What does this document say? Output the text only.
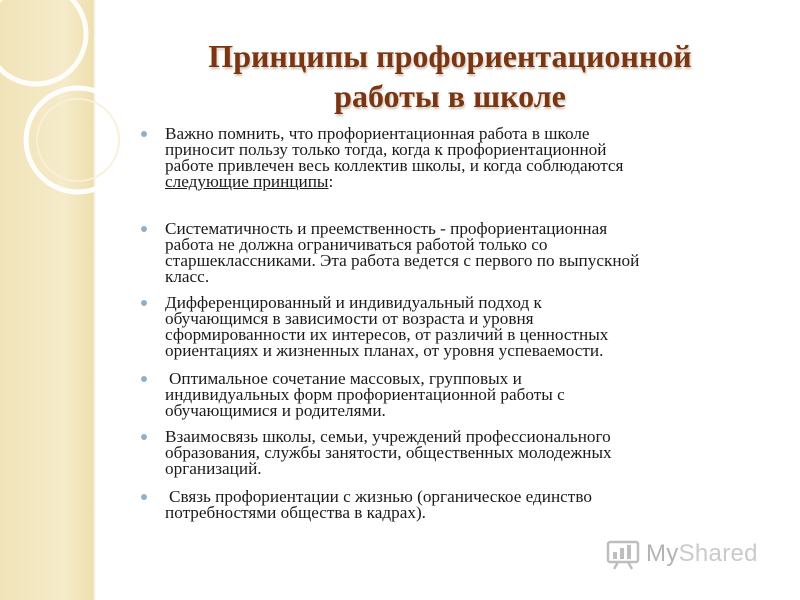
Принципы профориентационной
работы в школе
Важно помнить, что профориентационная работа в школе
приносит пользу только тогда, когда к профориентационной
работе привлечен весь коллектив школы, и когда соблюдаются
следующие принципы:
Систематичность и преемственность - профориентационная
работа не должна ограничиваться работой только со
старшеклассниками. Эта работа ведется с первого по выпускной
класс.
Дифференцированный и индивидуальный подход к
обучающимся в зависимости от возраста и уровня
сформированности их интересов, от различий в ценностных
ориентациях и жизненных планах, от уровня успеваемости.
Оптимальное сочетание массовых, групповых и
индивидуальных форм профориентационной работы с
обучающимися и родителями.
Взаимосвязь школы, семьи, учреждений профессионального
образования, службы занятости, общественных молодежных
организаций.
Связь профориентации с жизнью (органическое единство
потребностями общества в кадрах).
MyShared
